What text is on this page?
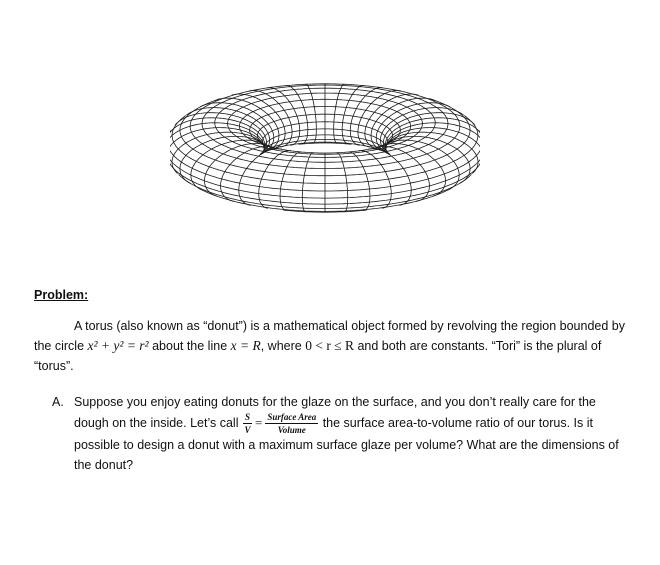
Problem:
A torus (also known as “donut”) is a mathematical object formed by revolving the region bounded by the circle x² + y² = r² about the line x = R, where 0 < r ≤ R and both are constants. “Tori” is the plural of “torus”.
A. Suppose you enjoy eating donuts for the glaze on the surface, and you don’t really care for the dough on the inside. Let’s call $\frac{S}{V} = \frac{\text{Surface Area}}{\text{Volume}}$ the surface area-to-volume ratio of our torus. Is it possible to design a donut with a maximum surface glaze per volume? What are the dimensions of the donut?
